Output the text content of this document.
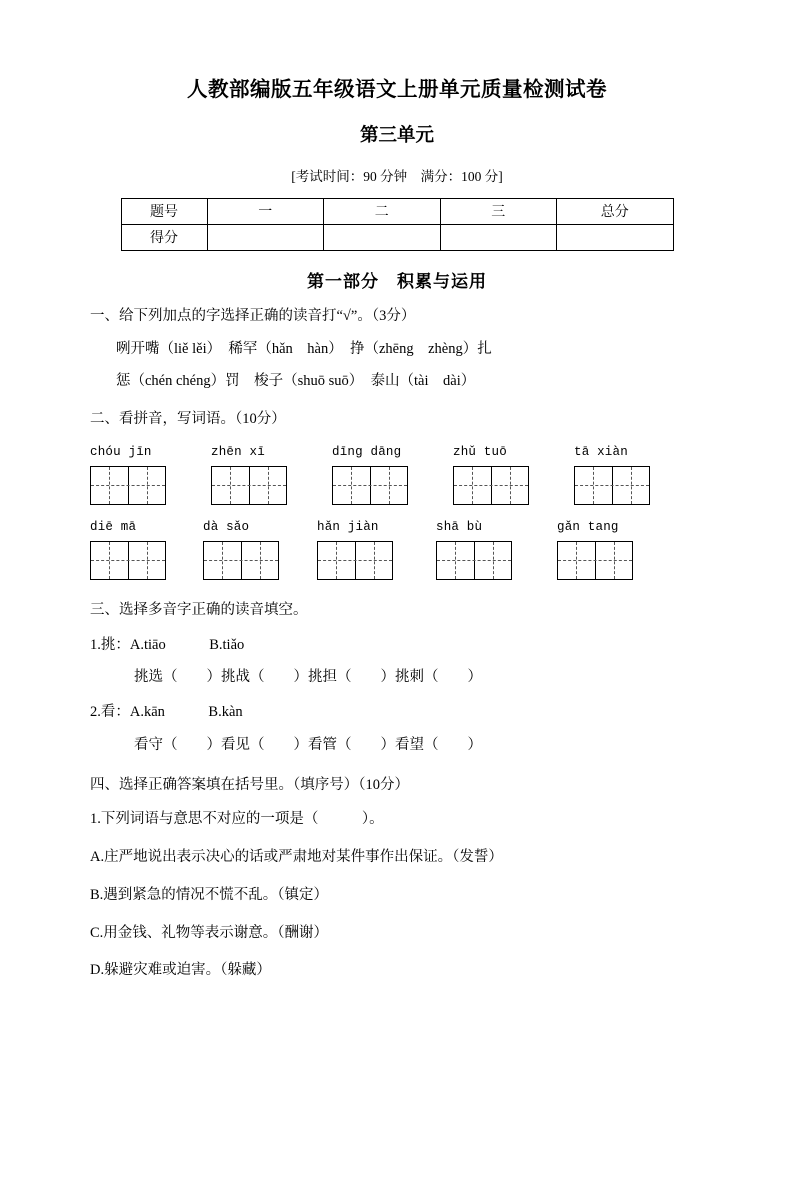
人教部编版五年级语文上册单元质量检测试卷
第三单元
[考试时间：90 分钟　满分：100 分]
题号	一	二	三	总分
得分				
第一部分　积累与运用
一、给下列加点的字选择正确的读音打“√”。（3分）
咧开嘴（liě lěi）　稀罕（hǎn　hàn）　挣（zhēng　zhèng）扎
惩（chén chéng）罚　梭子（shuō suō）　泰山（tài　dài）
二、看拼音，写词语。（10分）
chóu jīn	zhēn xī	dīng dāng	zhǔ tuō	tā xiàn
diē mā	dà sǎo	hǎn jiàn	shā bù	gǎn tang
三、选择多音字正确的读音填空。
1.挑：A.tiāo　　　B.tiǎo
挑选（　　）挑战（　　）挑担（　　）挑刺（　　）
2.看：A.kān　　　B.kàn
看守（　　）看见（　　）看管（　　）看望（　　）
四、选择正确答案填在括号里。（填序号）（10分）
1.下列词语与意思不对应的一项是（　　　）。
A.庄严地说出表示决心的话或严肃地对某件事作出保证。（发誓）
B.遇到紧急的情况不慌不乱。（镇定）
C.用金钱、礼物等表示谢意。（酬谢）
D.躲避灾难或迫害。（躲藏）
